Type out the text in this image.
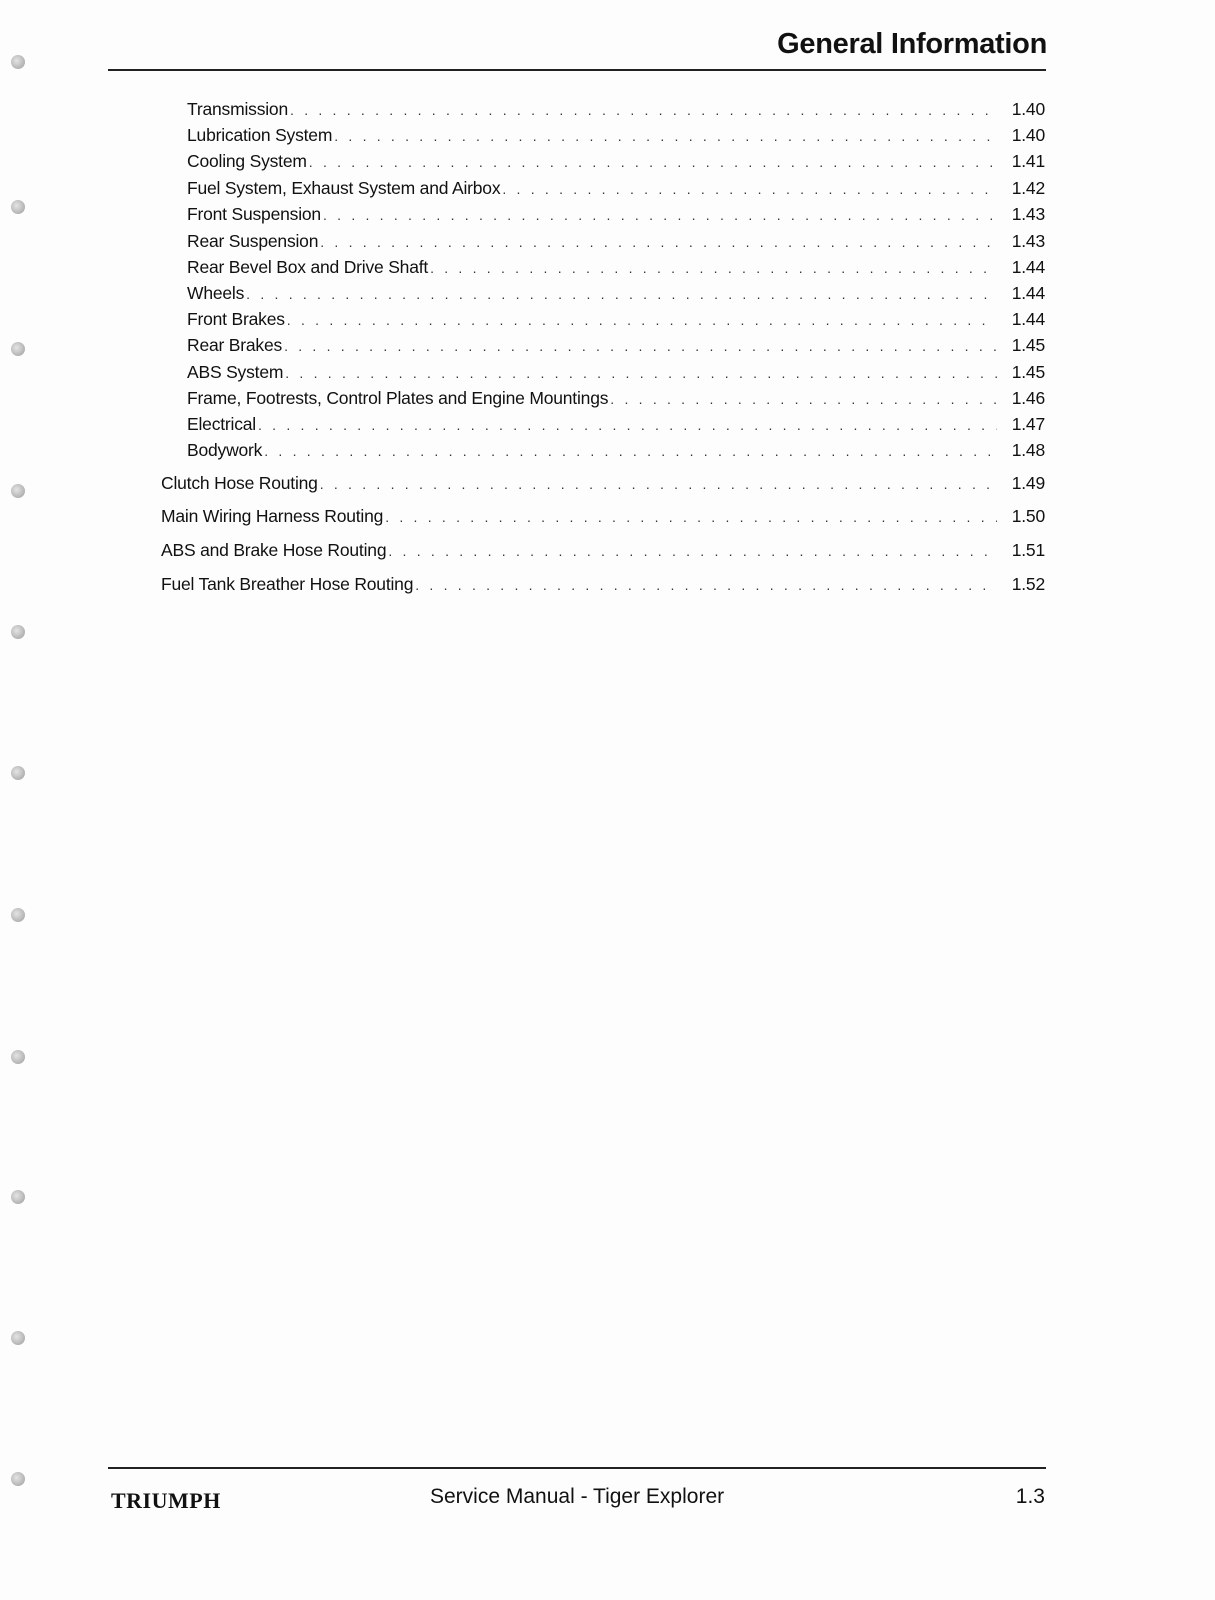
General Information
Transmission . . .	1.40
Lubrication System . . .	1.40
Cooling System . . .	1.41
Fuel System, Exhaust System and Airbox . . .	1.42
Front Suspension . . .	1.43
Rear Suspension . . .	1.43
Rear Bevel Box and Drive Shaft . . .	1.44
Wheels . . .	1.44
Front Brakes . . .	1.44
Rear Brakes . . .	1.45
ABS System . . .	1.45
Frame, Footrests, Control Plates and Engine Mountings . . .	1.46
Electrical . . .	1.47
Bodywork . . .	1.48
Clutch Hose Routing . . .	1.49
Main Wiring Harness Routing . . .	1.50
ABS and Brake Hose Routing . . .	1.51
Fuel Tank Breather Hose Routing . . .	1.52
TRIUMPH	Service Manual - Tiger Explorer	1.3
